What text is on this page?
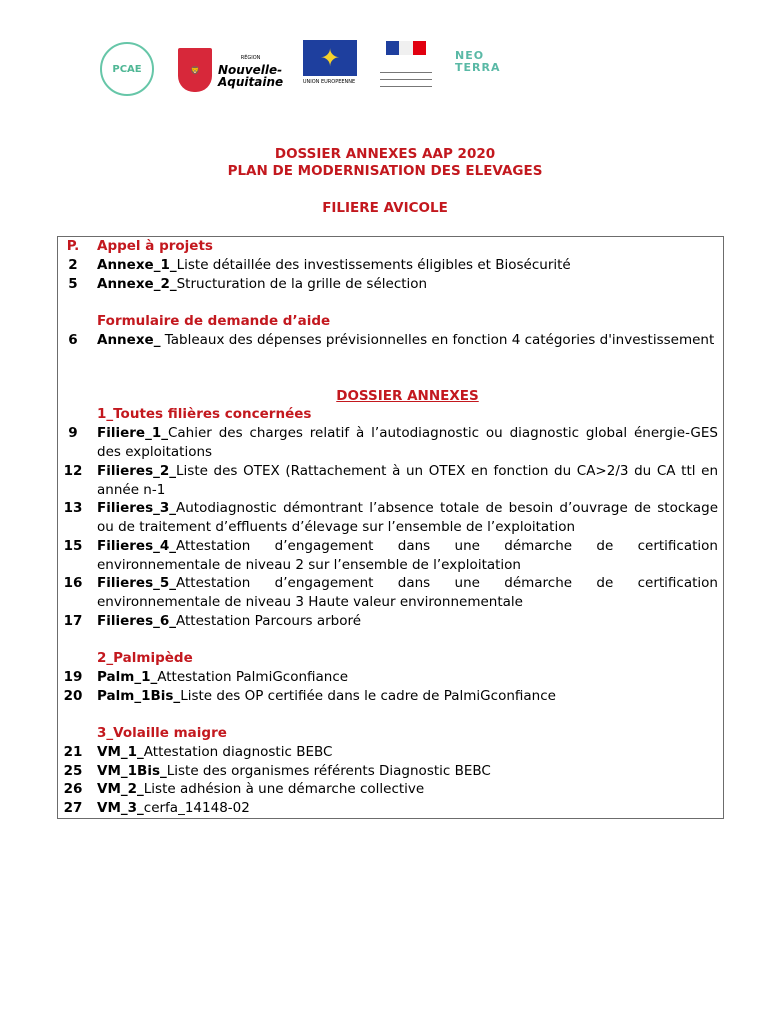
PCAE	🦁
RÉGION
Nouvelle-
Aquitaine
✦
UNION EUROPEENNE
NEO
TERRA
DOSSIER ANNEXES AAP 2020
PLAN DE MODERNISATION DES ELEVAGES
FILIERE AVICOLE
P.	Appel à projets
2	Annexe_1_Liste détaillée des investissements éligibles et Biosécurité
5	Annexe_2_Structuration de la grille de sélection
Formulaire de demande d’aide
6	Annexe_ Tableaux des dépenses prévisionnelles en fonction 4 catégories d'investissement
DOSSIER ANNEXES
1_Toutes filières concernées
9	Filiere_1_Cahier des charges relatif à l’autodiagnostic ou diagnostic global énergie-GES des exploitations
12	Filieres_2_Liste des OTEX (Rattachement à un OTEX en fonction du CA>2/3 du CA ttl en année n-1
13	Filieres_3_Autodiagnostic démontrant l’absence totale de besoin d’ouvrage de stockage ou de traitement d’effluents d’élevage sur l’ensemble de l’exploitation
15	Filieres_4_Attestation d’engagement dans une démarche de certification environnementale de niveau 2 sur l’ensemble de l’exploitation
16	Filieres_5_Attestation d’engagement dans une démarche de certification environnementale de niveau 3 Haute valeur environnementale
17	Filieres_6_Attestation Parcours arboré
2_Palmipède
19	Palm_1_Attestation PalmiGconfiance
20	Palm_1Bis_Liste des OP certifiée dans le cadre de PalmiGconfiance
3_Volaille maigre
21	VM_1_Attestation diagnostic BEBC
25	VM_1Bis_Liste des organismes référents Diagnostic BEBC
26	VM_2_Liste adhésion à une démarche collective
27	VM_3_cerfa_14148-02
